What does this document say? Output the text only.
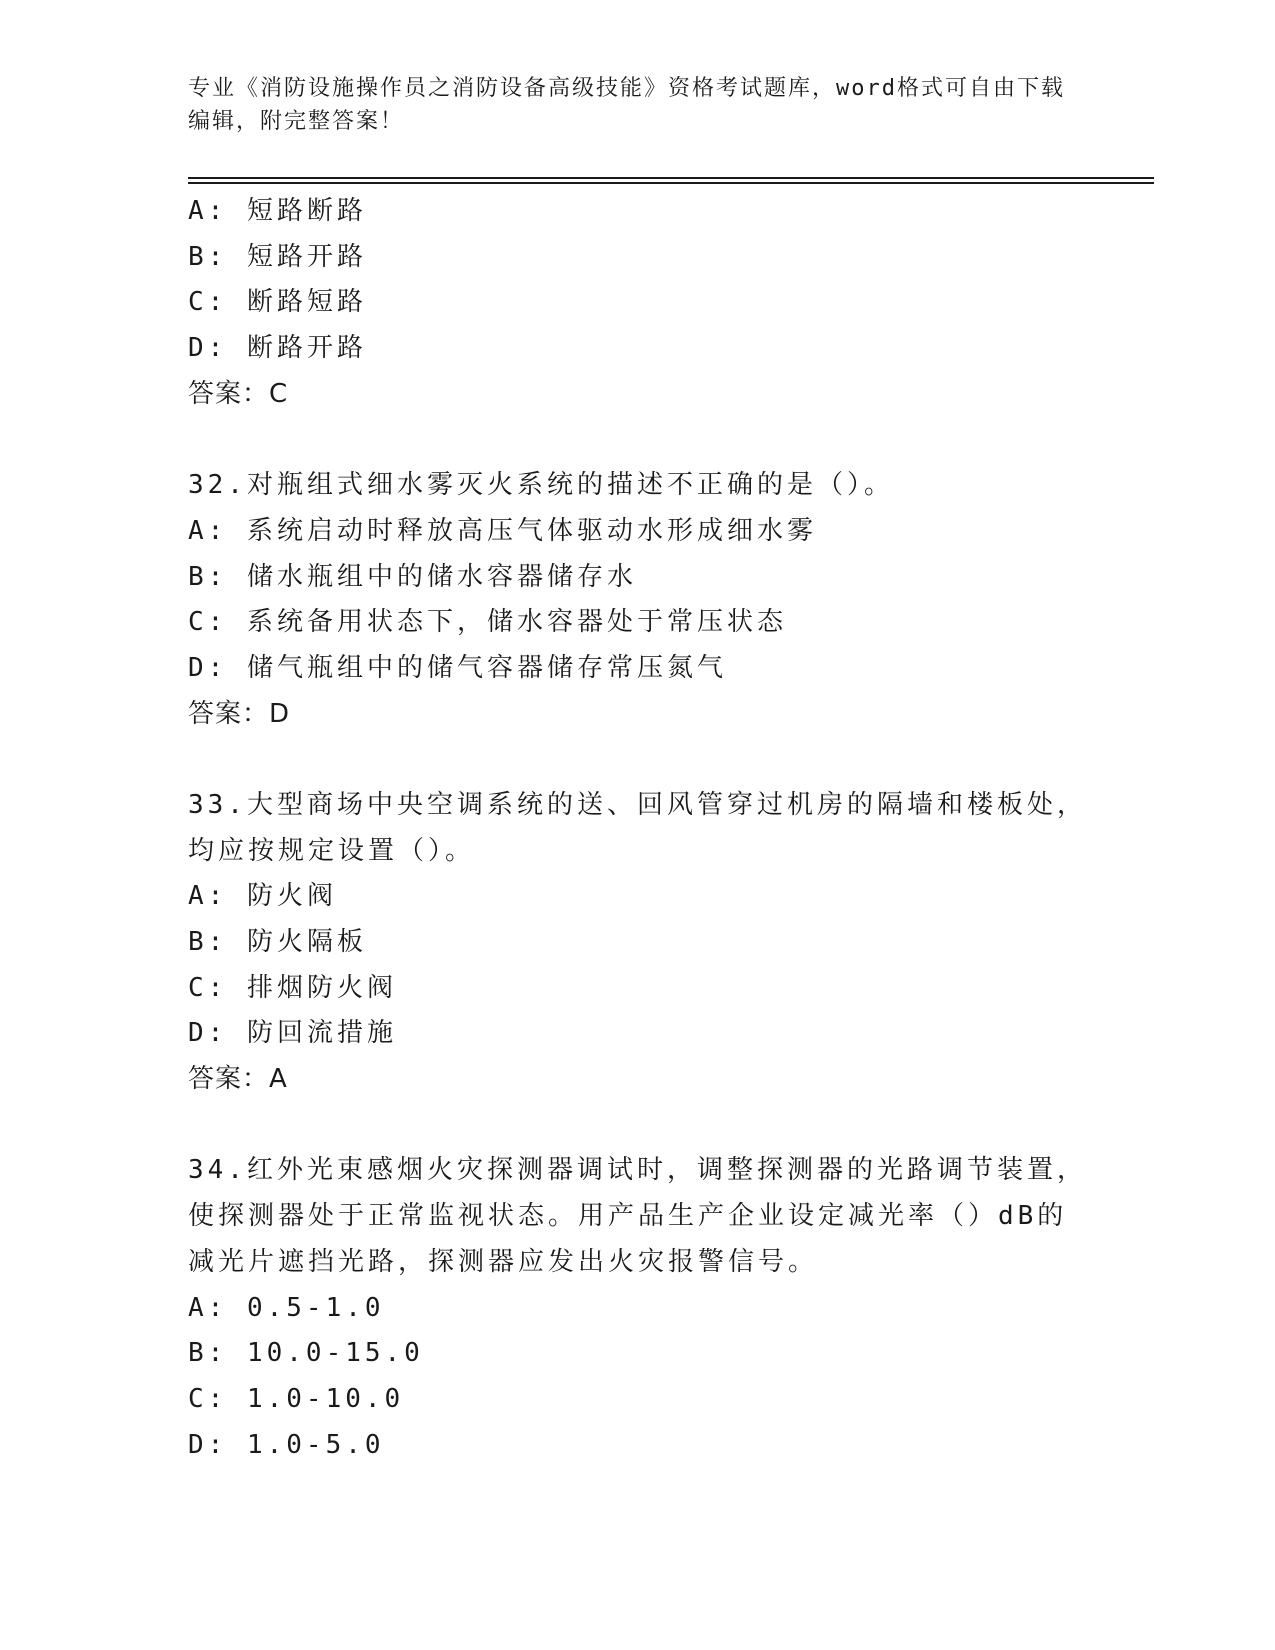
专业《消防设施操作员之消防设备高级技能》资格考试题库，word格式可自由下载编辑，附完整答案！
A: 短路断路
B: 短路开路
C: 断路短路
D: 断路开路
答案：C
32.对瓶组式细水雾灭火系统的描述不正确的是（）。
A: 系统启动时释放高压气体驱动水形成细水雾
B: 储水瓶组中的储水容器储存水
C: 系统备用状态下，储水容器处于常压状态
D: 储气瓶组中的储气容器储存常压氮气
答案：D
33.大型商场中央空调系统的送、回风管穿过机房的隔墙和楼板处，均应按规定设置（）。
A: 防火阀
B: 防火隔板
C: 排烟防火阀
D: 防回流措施
答案：A
34.红外光束感烟火灾探测器调试时，调整探测器的光路调节装置，使探测器处于正常监视状态。用产品生产企业设定减光率（）dB的减光片遮挡光路，探测器应发出火灾报警信号。
A: 0.5-1.0
B: 10.0-15.0
C: 1.0-10.0
D: 1.0-5.0
